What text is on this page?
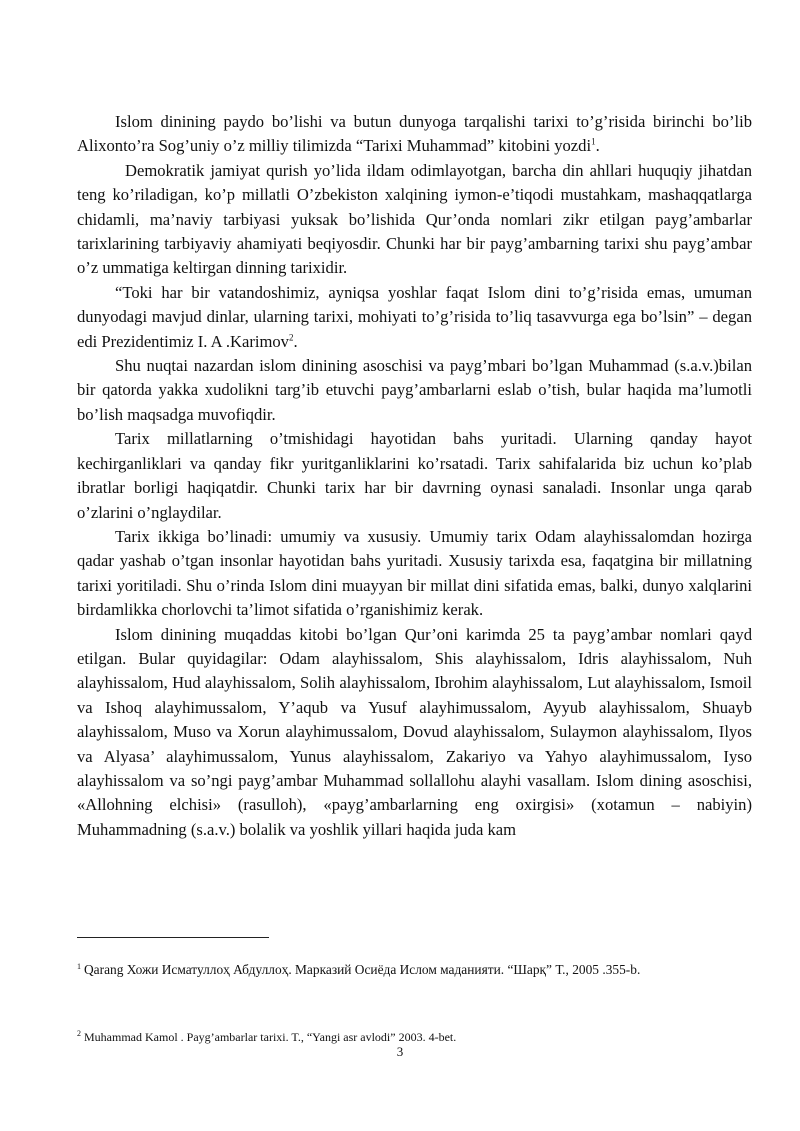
Islom dinining paydo bo’lishi va butun dunyoga tarqalishi tarixi to’g’risida birinchi bo’lib Alixonto’ra Sog’uniy o’z milliy tilimizda “Tarixi Muhammad” kitobini yozdi$^1$.

Demokratik jamiyat qurish yo’lida ildam odimlayotgan, barcha din ahllari huquqiy jihatdan teng ko’riladigan, ko’p millatli O’zbekiston xalqining iymon-e’tiqodi mustahkam, mashaqqatlarga chidamli, ma’naviy tarbiyasi yuksak bo’lishida Qur’onda nomlari zikr etilgan payg’ambarlar tarixlarining tarbiyaviy ahamiyati beqiyosdir. Chunki har bir payg’ambarning tarixi shu payg’ambar o’z ummatiga keltirgan dinning tarixidir.

“Toki har bir vatandoshimiz, ayniqsa yoshlar faqat Islom dini to’g’risida emas, umuman dunyodagi mavjud dinlar, ularning tarixi, mohiyati to’g’risida to’liq tasavvurga ega bo’lsin” – degan edi Prezidentimiz I. A .Karimov$^2$.

Shu nuqtai nazardan islom dinining asoschisi va payg’mbari bo’lgan Muhammad (s.a.v.)bilan bir qatorda yakka xudolikni targ’ib etuvchi payg’ambarlarni eslab o’tish, bular haqida ma’lumotli bo’lish maqsadga muvofiqdir.

Tarix millatlarning o’tmishidagi hayotidan bahs yuritadi. Ularning qanday hayot kechirganliklari va qanday fikr yuritganliklarini ko’rsatadi. Tarix sahifalarida biz uchun ko’plab ibratlar borligi haqiqatdir. Chunki tarix har bir davrning oynasi sanaladi. Insonlar unga qarab o’zlarini o’nglaydilar.

Tarix ikkiga bo’linadi: umumiy va xususiy. Umumiy tarix Odam alayhissalomdan hozirga qadar yashab o’tgan insonlar hayotidan bahs yuritadi. Xususiy tarixda esa, faqatgina bir millatning tarixi yoritiladi. Shu o’rinda Islom dini muayyan bir millat dini sifatida emas, balki, dunyo xalqlarini birdamlikka chorlovchi ta’limot sifatida o’rganishimiz kerak.

Islom dinining muqaddas kitobi bo’lgan Qur’oni karimda 25 ta payg’ambar nomlari qayd etilgan. Bular quyidagilar: Odam alayhissalom, Shis alayhissalom, Idris alayhissalom, Nuh alayhissalom, Hud alayhissalom, Solih alayhissalom, Ibrohim alayhissalom, Lut alayhissalom, Ismoil va Ishoq alayhimussalom, Y’aqub va Yusuf alayhimussalom, Ayyub alayhissalom, Shuayb alayhissalom, Muso va Xorun alayhimussalom, Dovud alayhissalom, Sulaymon alayhissalom, Ilyos va Alyasa’ alayhimussalom, Yunus alayhissalom, Zakariyo va Yahyo alayhimussalom, Iyso alayhissalom va so’ngi payg’ambar Muhammad sollallohu alayhi vasallam. Islom dining asoschisi, «Allohning elchisi» (rasulloh), «payg’ambarlarning eng oxirgisi» (xotamun – nabiyin) Muhammadning (s.a.v.) bolalik va yoshlik yillari haqida juda kam

$^1$ Qarang Хожи Исматуллоҳ Абдуллоҳ. Марказий Осиёда Ислом маданияти. “Шарқ” Т., 2005 .355-b.
$^2$ Muhammad Kamol . Payg’ambarlar tarixi. T., “Yangi asr avlodi” 2003. 4-bet.
3
